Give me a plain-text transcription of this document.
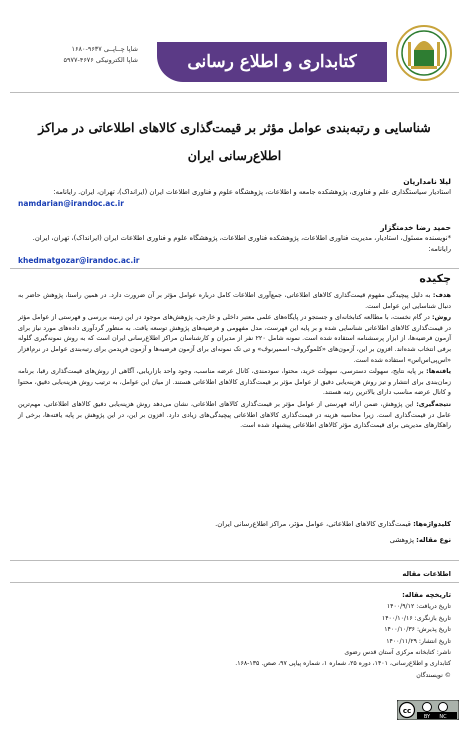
شاپا چــاپــی ۹۶۳۷-۱۶۸۰
شاپا الکترونیکی ۴۶۷۶-۵۹۷۷	کتابداری و اطلاع رسانی
شناسایی و رتبه‌بندی عوامل مؤثر بر قیمت‌گذاری کالاهای اطلاعاتی در مراکز
اطلاع‌رسانی ایران
لیلا نامداریان
استادیار سیاستگذاری علم و فناوری، پژوهشکده جامعه و اطلاعات، پژوهشگاه علوم و فناوری اطلاعات ایران (ایرانداک)، تهران، ایران. رایانامه:
namdarian@irandoc.ac.ir
حمید رضا خدمتگزار
*نویسنده مسئول، استادیار، مدیریت فناوری اطلاعات، پژوهشکده فناوری اطلاعات، پژوهشگاه علوم و فناوری اطلاعات ایران (ایرانداک)، تهران، ایران. رایانامه:
khedmatgozar@irandoc.ac.ir
چکیده

هدف: به دلیل پیچیدگی مفهوم قیمت‌گذاری کالاهای اطلاعاتی، جمع‌آوری اطلاعات کامل درباره عوامل مؤثر بر آن ضرورت دارد. در همین راستا، پژوهش حاضر به دنبال شناسایی این عوامل است.

روش: در گام نخست، با مطالعه کتابخانه‌ای و جستجو در پایگاه‌های علمی معتبر داخلی و خارجی، پژوهش‌های موجود در این زمینه بررسی و فهرستی از عوامل مؤثر در قیمت‌گذاری کالاهای اطلاعاتی شناسایی شده و بر پایه این فهرست، مدل مفهومی و فرضیه‌های پژوهش توسعه یافت. به منظور گردآوری داده‌های مورد نیاز برای آزمون فرضیه‌ها، از ابزار پرسشنامه استفاده شده است. نمونه شامل ۲۲۰ نفر از مدیران و کارشناسان مراکز اطلاع‌رسانی ایران است که به روش نمونه‌گیری گلوله برفی انتخاب شده‌اند. افزون بر این، آزمون‌های «کلموگروف- اسمیرنوف» و تی تک نمونه‌ای برای آزمون فرضیه‌ها و آزمون فریدمن برای رتبه‌بندی عوامل در نرم‌افزار «اس‌پی‌اس‌اس» استفاده شده است.

یافته‌ها: بر پایه نتایج، سهولت دسترسی، سهولت خرید، محتوا، سودمندی، کانال عرضه مناسب، وجود واحد بازاریابی، آگاهی از روش‌های قیمت‌گذاری رقبا، برنامه زمان‌بندی برای انتشار و تیز روش هزینه‌یابی دقیق از عوامل مؤثر بر قیمت‌گذاری کالاهای اطلاعاتی هستند. از میان این عوامل، به ترتیب روش هزینه‌یابی دقیق، محتوا و کانال عرضه مناسب دارای بالاترین رتبه هستند.

نتیجه‌گیری: این پژوهش، ضمن ارائه فهرستی از عوامل مؤثر بر قیمت‌گذاری کالاهای اطلاعاتی، نشان می‌دهد روش هزینه‌یابی دقیق کالاهای اطلاعاتی، مهم‌ترین عامل در قیمت‌گذاری است. زیرا محاسبه هزینه در قیمت‌گذاری کالاهای اطلاعاتی پیچیدگی‌های زیادی دارد. افزون بر این، در این پژوهش بر پایه یافته‌ها، برخی از راهکارهای مدیریتی برای قیمت‌گذاری مؤثر کالاهای اطلاعاتی پیشنهاد شده است.

کلیدواژه‌ها: قیمت‌گذاری کالاهای اطلاعاتی، عوامل مؤثر، مراکز اطلاع‌رسانی ایران.
نوع مقاله: پژوهشی
اطلاعات مقاله
تاریخچه مقاله:
تاریخ دریافت: ۱۴۰۰/۹/۱۲
تاریخ بازنگری: ۱۴۰۰/۱۰/۱۶
تاریخ پذیرش: ۱۴۰۰/۱۰/۳۶
تاریخ انتشار: ۱۴۰۰/۱۱/۲۹
ناشر: کتابخانه مرکزی آستان قدس رضوی
کتابداری و اطلاع‌رسانی، ۱۴۰۱، دوره ۲۵، شماره ۱، شماره پیاپی ۹۷، صص. ۱۳۵-۱۶۸.
© نویسندگان
cc
BY NC
